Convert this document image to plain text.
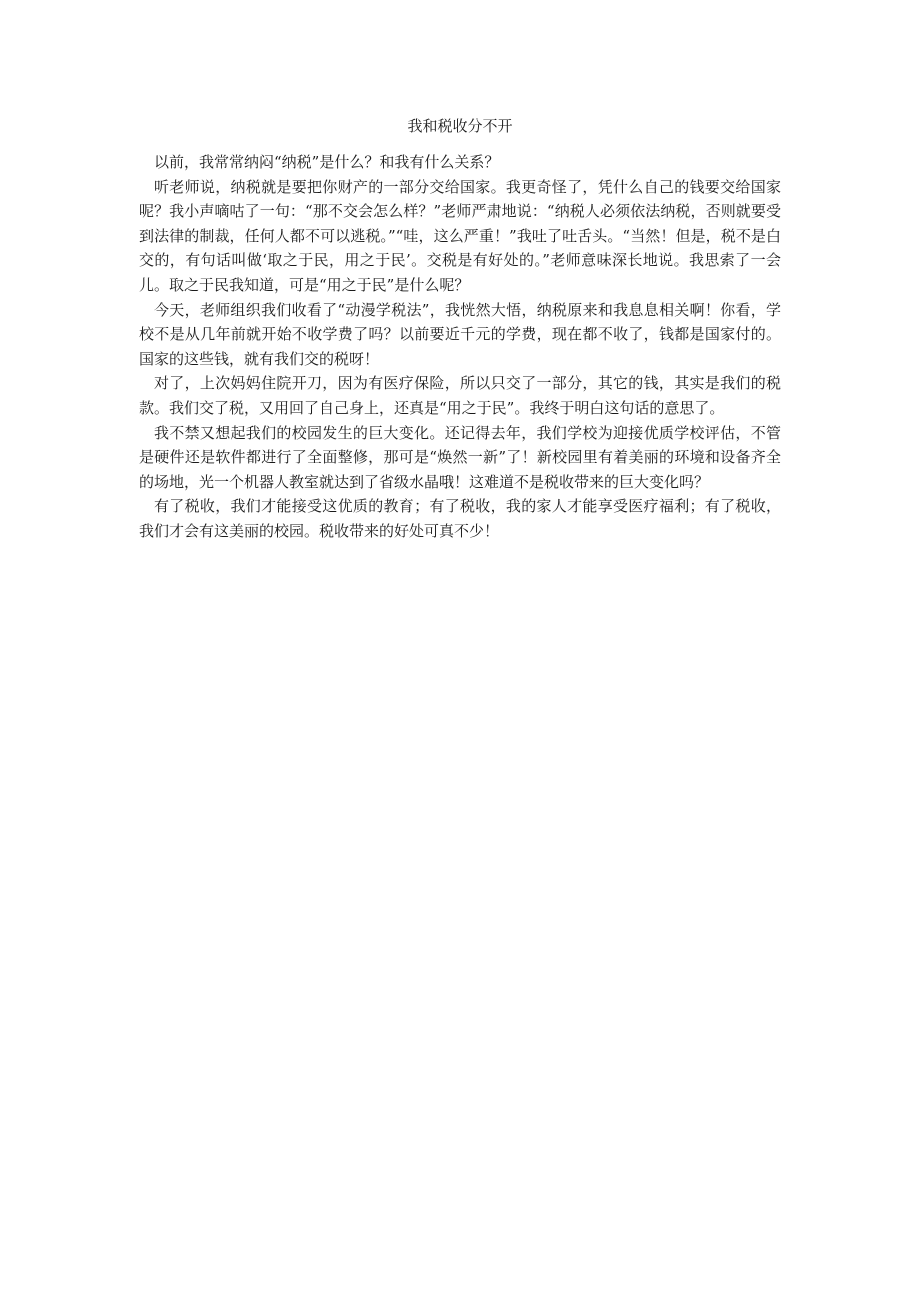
我和税收分不开

以前，我常常纳闷“纳税”是什么？和我有什么关系？

听老师说，纳税就是要把你财产的一部分交给国家。我更奇怪了，凭什么自己的钱要交给国家呢？我小声嘀咕了一句：“那不交会怎么样？”老师严肃地说：“纳税人必须依法纳税，否则就要受到法律的制裁，任何人都不可以逃税。”“哇，这么严重！”我吐了吐舌头。“当然！但是，税不是白交的，有句话叫做‘取之于民，用之于民’。交税是有好处的。”老师意味深长地说。我思索了一会儿。取之于民我知道，可是“用之于民”是什么呢？

今天，老师组织我们收看了“动漫学税法”，我恍然大悟，纳税原来和我息息相关啊！你看，学校不是从几年前就开始不收学费了吗？以前要近千元的学费，现在都不收了，钱都是国家付的。国家的这些钱，就有我们交的税呀！

对了，上次妈妈住院开刀，因为有医疗保险，所以只交了一部分，其它的钱，其实是我们的税款。我们交了税，又用回了自己身上，还真是“用之于民”。我终于明白这句话的意思了。

我不禁又想起我们的校园发生的巨大变化。还记得去年，我们学校为迎接优质学校评估，不管是硬件还是软件都进行了全面整修，那可是“焕然一新”了！新校园里有着美丽的环境和设备齐全的场地，光一个机器人教室就达到了省级水晶哦！这难道不是税收带来的巨大变化吗？

有了税收，我们才能接受这优质的教育；有了税收，我的家人才能享受医疗福利；有了税收，我们才会有这美丽的校园。税收带来的好处可真不少！
